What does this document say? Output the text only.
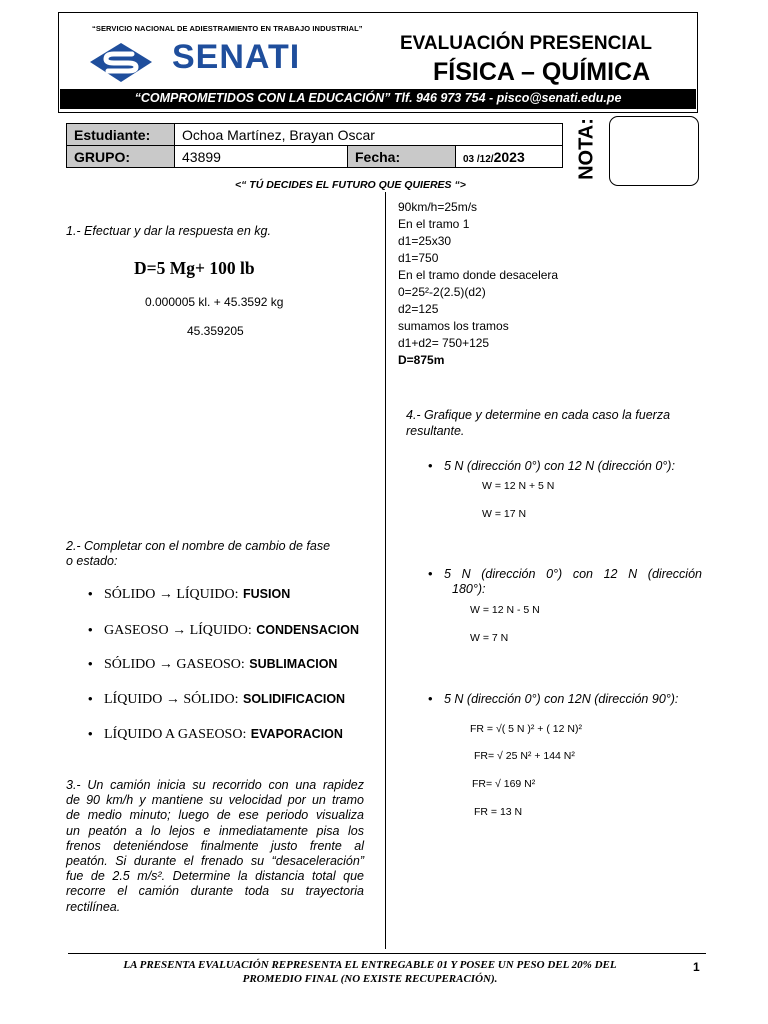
“SERVICIO NACIONAL DE ADIESTRAMIENTO EN TRABAJO INDUSTRIAL”
SENATI	EVALUACIÓN PRESENCIAL
FÍSICA – QUÍMICA
“COMPROMETIDOS CON LA EDUCACIÓN” Tlf. 946 973 754 - pisco@senati.edu.pe
Estudiante:	Ochoa Martínez, Brayan Oscar		
GRUPO:	43899	Fecha:	03 /12/2023	NOTA:
<“ TÚ DECIDES EL FUTURO QUE QUIERES “>
1.- Efectuar y dar la respuesta en kg.
D=5 Mg+ 100 lb
0.000005 kl. + 45.3592 kg
45.359205
2.- Completar con el nombre de cambio de fase
o estado:
• SÓLIDO → LÍQUIDO: FUSION
• GASEOSO → LÍQUIDO: CONDENSACION
• SÓLIDO → GASEOSO: SUBLIMACION
• LÍQUIDO → SÓLIDO: SOLIDIFICACION
• LÍQUIDO A GASEOSO: EVAPORACION
3.- Un camión inicia su recorrido con una rapidez
de 90 km/h y mantiene su velocidad por un tramo
de medio minuto; luego de ese periodo visualiza
un peatón a lo lejos e inmediatamente pisa los
frenos deteniéndose finalmente justo frente al
peatón. Si durante el frenado su “desaceleración”
fue de 2.5 m/s². Determine la distancia total que
recorre el camión durante toda su trayectoria
rectilínea.
90km/h=25m/s
En el tramo 1
d1=25x30
d1=750
En el tramo donde desacelera
0=25²-2(2.5)(d2)
d2=125
sumamos los tramos
d1+d2= 750+125
D=875m
4.- Grafique y determine en cada caso la fuerza
resultante.
• 5 N (dirección 0°) con 12 N (dirección 0°):
W = 12 N + 5 N
W = 17 N
• 5 N (dirección 0°) con 12 N (dirección
180°):
W = 12 N - 5 N
W = 7 N
• 5 N (dirección 0°) con 12N (dirección 90°):
FR = √( 5 N )² + ( 12 N)²
FR= √ 25 N² + 144 N²
FR= √ 169 N²
FR = 13 N
LA PRESENTA EVALUACIÓN REPRESENTA EL ENTREGABLE 01 Y POSEE UN PESO DEL 20% DEL
PROMEDIO FINAL (NO EXISTE RECUPERACIÓN).
1
